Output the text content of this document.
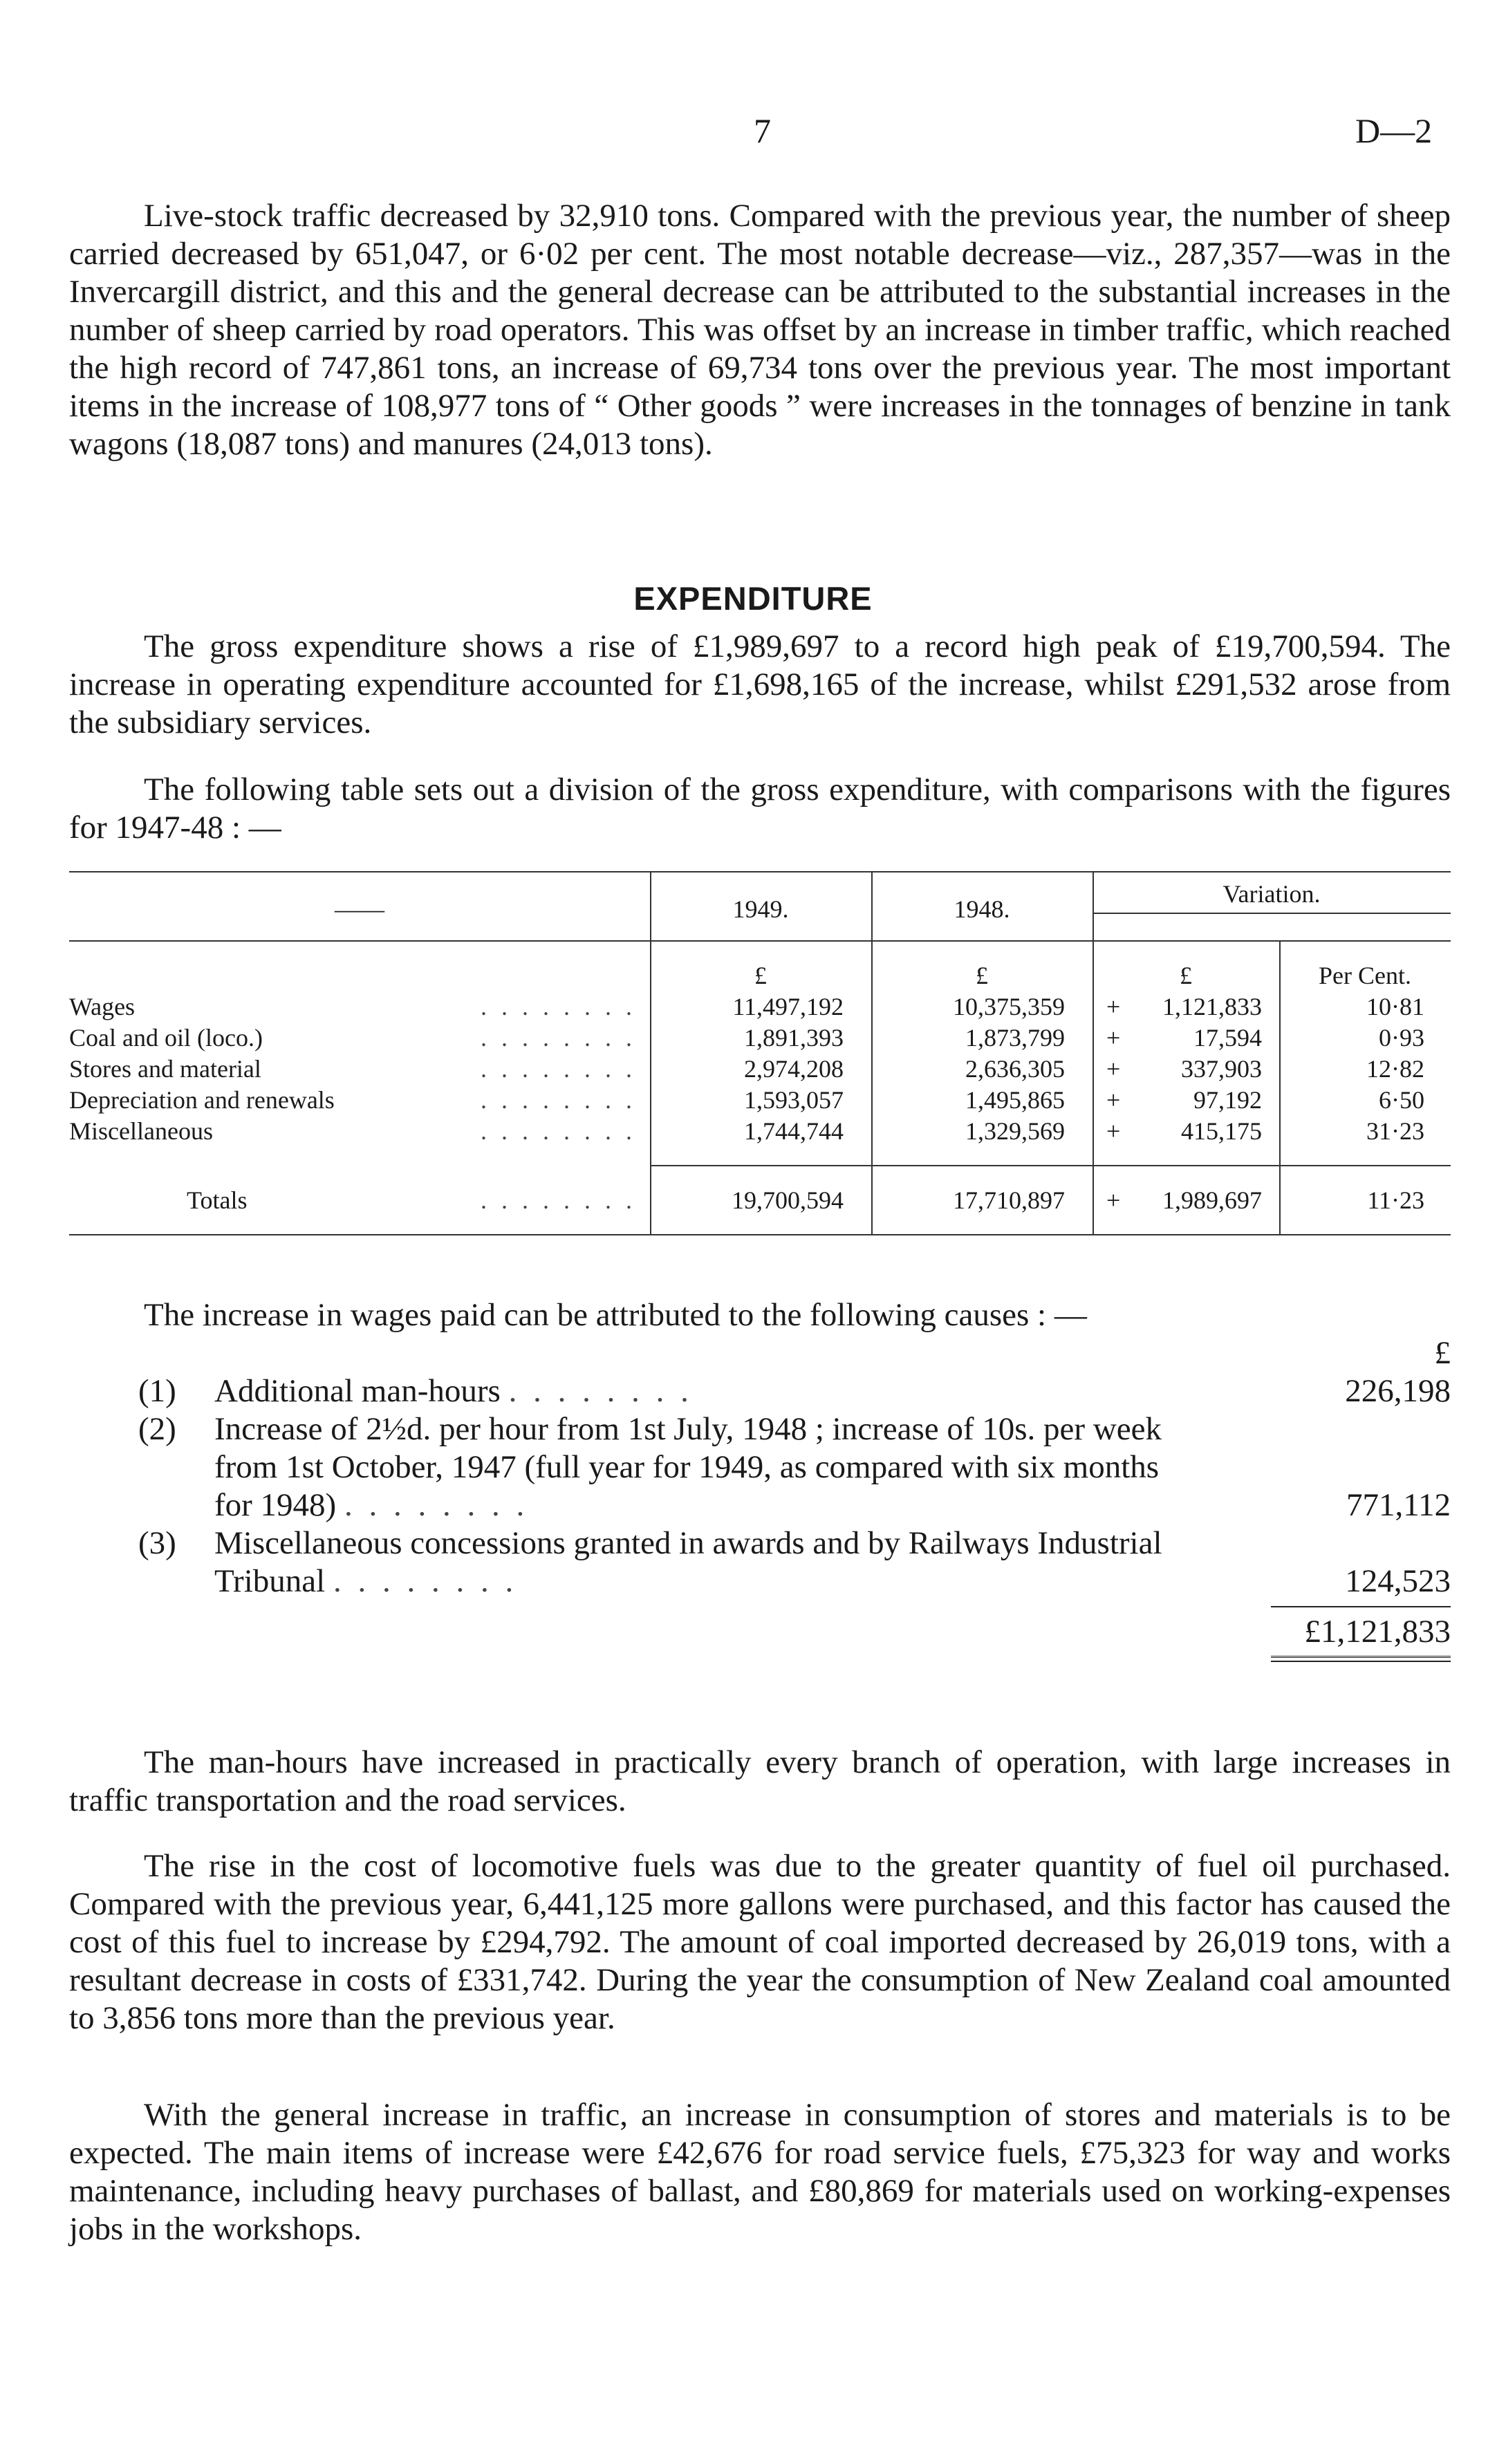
7	D—2

Live-stock traffic decreased by 32,910 tons. Compared with the previous year, the number of sheep carried decreased by 651,047, or 6·02 per cent. The most notable decrease—viz., 287,357—was in the Invercargill district, and this and the general decrease can be attributed to the substantial increases in the number of sheep carried by road operators. This was offset by an increase in timber traffic, which reached the high record of 747,861 tons, an increase of 69,734 tons over the previous year. The most important items in the increase of 108,977 tons of “ Other goods ” were increases in the tonnages of benzine in tank wagons (18,087 tons) and manures (24,013 tons).

EXPENDITURE

The gross expenditure shows a rise of £1,989,697 to a record high peak of £19,700,594. The increase in operating expenditure accounted for £1,698,165 of the increase, whilst £291,532 arose from the subsidiary services.

The following table sets out a division of the gross expenditure, with comparisons with the figures for 1947-48 : —

——	1949.	1948.
Variation.
£	£	£	Per Cent.
Wages	. . . . . . . .	11,497,192	10,375,359 +	1,121,833	10·81
Coal and oil (loco.)	. . . . . . . .	1,891,393	1,873,799 +	17,594	0·93
Stores and material	. . . . . . . .	2,974,208	2,636,305 +	337,903	12·82
Depreciation and renewals	. . . . . . . .	1,593,057	1,495,865 +	97,192	6·50
Miscellaneous	. . . . . . . .	1,744,744	1,329,569 +	415,175	31·23
Totals	. . . . . . . .	19,700,594	17,710,897 +	1,989,697	11·23

The increase in wages paid can be attributed to the following causes : —

£
(1) Additional man-hours . . . . . . . .	226,198
(2) Increase of 2½d. per hour from 1st July, 1948 ; increase of 10s. per week from 1st October, 1947 (full year for 1949, as compared with six months for 1948) . . . . . . . .	771,112
(3) Miscellaneous concessions granted in awards and by Railways Industrial Tribunal . . . . . . . .	124,523
£1,121,833

The man-hours have increased in practically every branch of operation, with large increases in traffic transportation and the road services.

The rise in the cost of locomotive fuels was due to the greater quantity of fuel oil purchased. Compared with the previous year, 6,441,125 more gallons were purchased, and this factor has caused the cost of this fuel to increase by £294,792. The amount of coal imported decreased by 26,019 tons, with a resultant decrease in costs of £331,742. During the year the consumption of New Zealand coal amounted to 3,856 tons more than the previous year.

With the general increase in traffic, an increase in consumption of stores and materials is to be expected. The main items of increase were £42,676 for road service fuels, £75,323 for way and works maintenance, including heavy purchases of ballast, and £80,869 for materials used on working-expenses jobs in the workshops.
